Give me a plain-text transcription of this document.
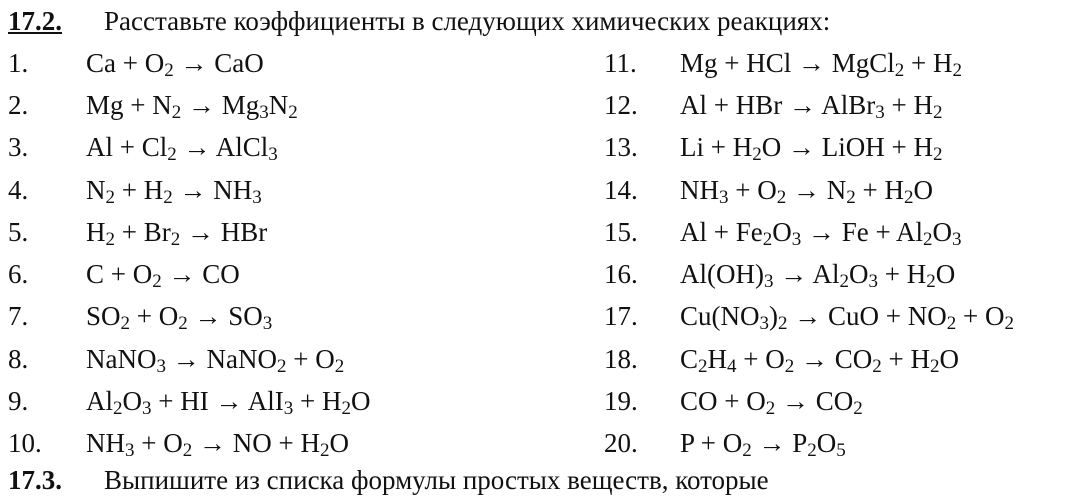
17.2.	Расставьте коэффициенты в следующих химических реакциях:
1.	$Ca + O_2$ → CaO
2.	$Mg + N_2 \to Mg_3N_2$
3.	$Al + Cl_2$ → AlCl$_3$
4.	$N_2 + H_2 \to NH_3$
5.	$H_2 + Br_2$ → HBr
6.	$C + O_2$ → CO
7.	$SO_2 + O_2 \to SO_3$
8.	NaNO$_3$ → NaNO$_2$ + $O_2$
9.	$Al_2O_3$ + HI → $AlI_3 + H_2O$
10.	$NH_3 + O_2$ → NO + $H_2O$
11.	Mg + HCl → MgCl$_2$ + $H_2$
12.	Al + HBr → AlBr$_3$ + $H_2$
13.	$Li + H_2O$ → LiOH + $H_2$
14.	$NH_3 + O_2 \to N_2 + H_2O$
15.	$Al + Fe_2O_3 \to Fe + Al_2O_3$
16.	$Al(OH)_3 \to Al_2O_3 + H_2O$
17.	$Cu(NO_3)_2$ → CuO + $NO_2 + O_2$
18.	$C_2H_4 + O_2 \to CO_2 + H_2O$
19.	CO + $O_2 \to CO_2$
20.	$P + O_2 \to P_2O_5$
17.3.	Выпишите из списка формулы простых веществ, которые
